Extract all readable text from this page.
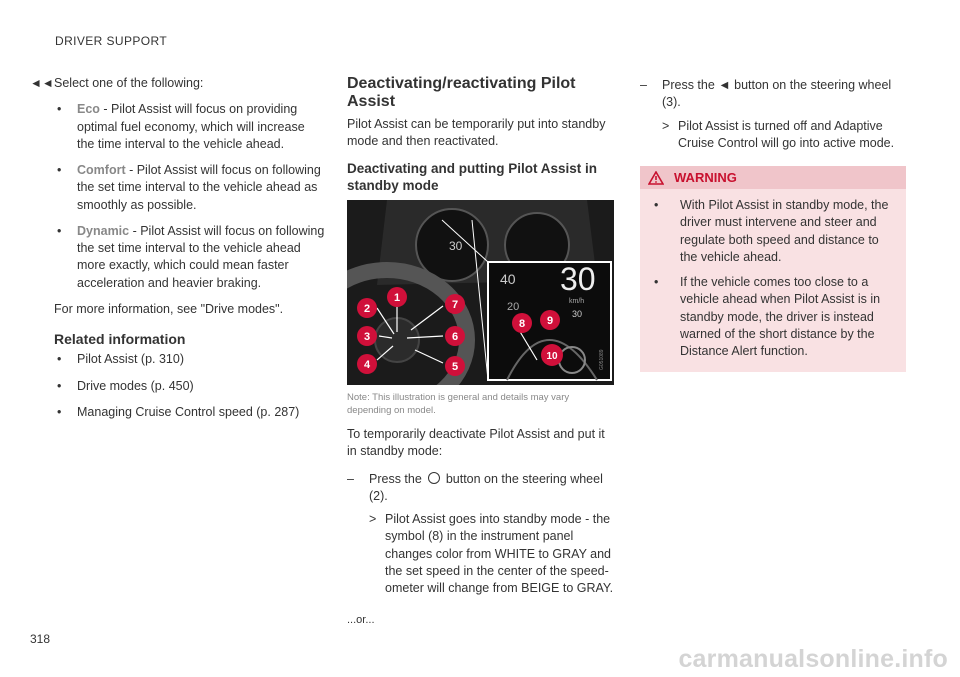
DRIVER SUPPORT
318
carmanualsonline.info
◄◄ Select one of the following:

• Eco - Pilot Assist will focus on providing optimal fuel economy, which will increase the time interval to the vehicle ahead.
• Comfort - Pilot Assist will focus on following the set time interval to the vehicle ahead as smoothly as possible.
• Dynamic - Pilot Assist will focus on following the set time interval to the vehicle ahead more exactly, which could mean faster acceleration and heavier braking.

For more information, see "Drive modes".

Related information
• Pilot Assist (p. 310)
• Drive modes (p. 450)
• Managing Cruise Control speed (p. 287)
Deactivating/reactivating Pilot Assist

Pilot Assist can be temporarily put into standby mode and then reactivated.

Deactivating and putting Pilot Assist in standby mode
30
40
20
30
km/h
30
G051089
1
2
3
4	5
6
7
8 9
10

Note: This illustration is general and details may vary depending on model.

To temporarily deactivate Pilot Assist and put it in standby mode:

– Press the button on the steering wheel (2).
> Pilot Assist goes into standby mode - the symbol (8) in the instrument panel changes color from WHITE to GRAY and the set speed in the center of the speedometer will change from BEIGE to GRAY.

...or...

– Press the ◄ button on the steering wheel (3).
> Pilot Assist is turned off and Adaptive Cruise Control will go into active mode.
WARNING
• With Pilot Assist in standby mode, the driver must intervene and steer and regulate both speed and distance to the vehicle ahead.
• If the vehicle comes too close to a vehicle ahead when Pilot Assist is in standby mode, the driver is instead warned of the short distance by the Distance Alert function.
